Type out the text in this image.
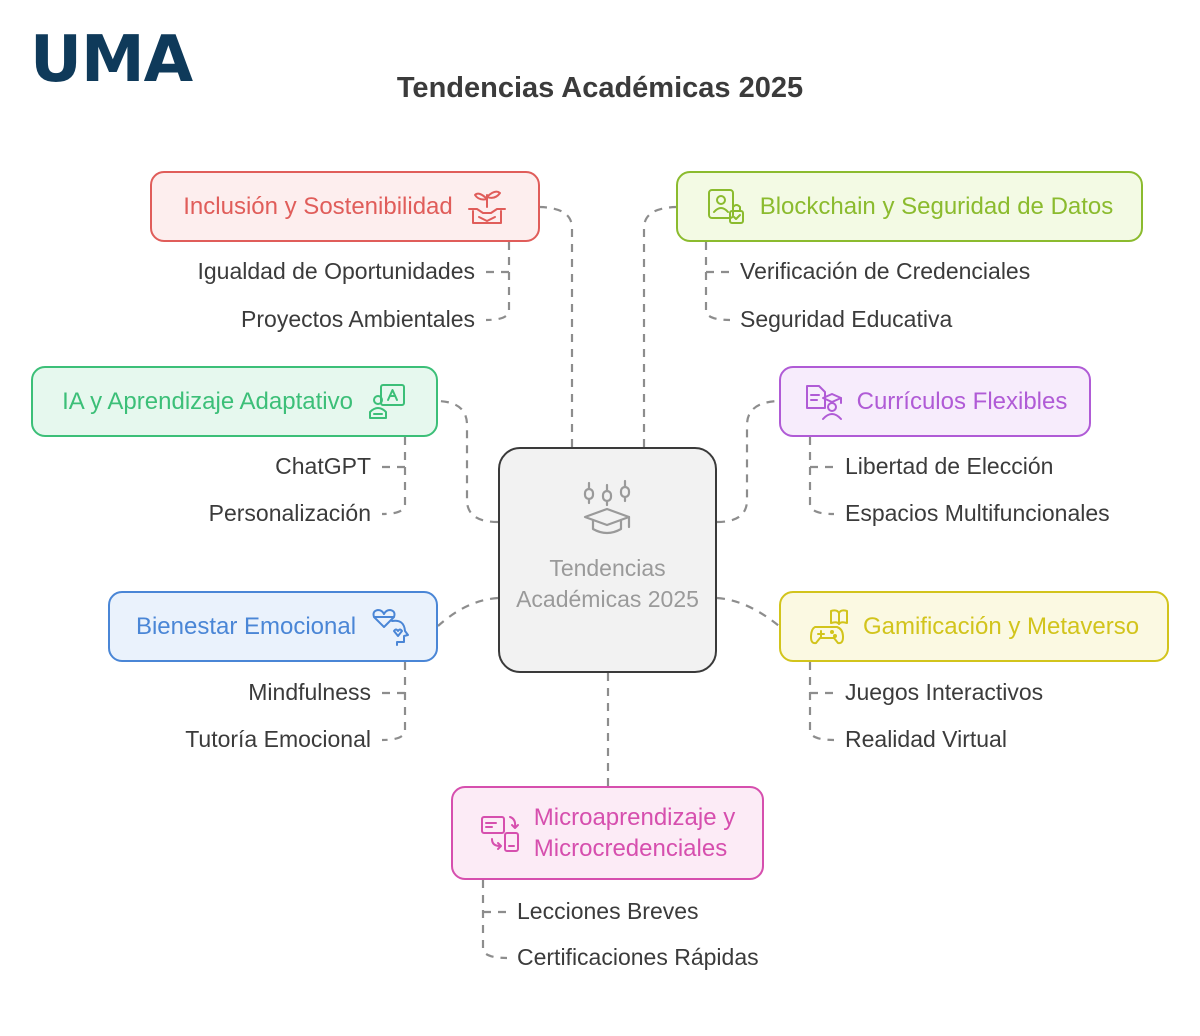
UMA	Tendencias Académicas 2025
Tendencias Académicas 2025
Inclusión y Sostenibilidad
Igualdad de Oportunidades
Proyectos Ambientales
Blockchain y Seguridad de Datos
Verificación de Credenciales
Seguridad Educativa
IA y Aprendizaje Adaptativo
ChatGPT
Personalización
Currículos Flexibles
Libertad de Elección
Espacios Multifuncionales
Bienestar Emocional
Mindfulness
Tutoría Emocional
Gamificación y Metaverso
Juegos Interactivos
Realidad Virtual
Microaprendizaje y
Microcredenciales
Lecciones Breves
Certificaciones Rápidas
